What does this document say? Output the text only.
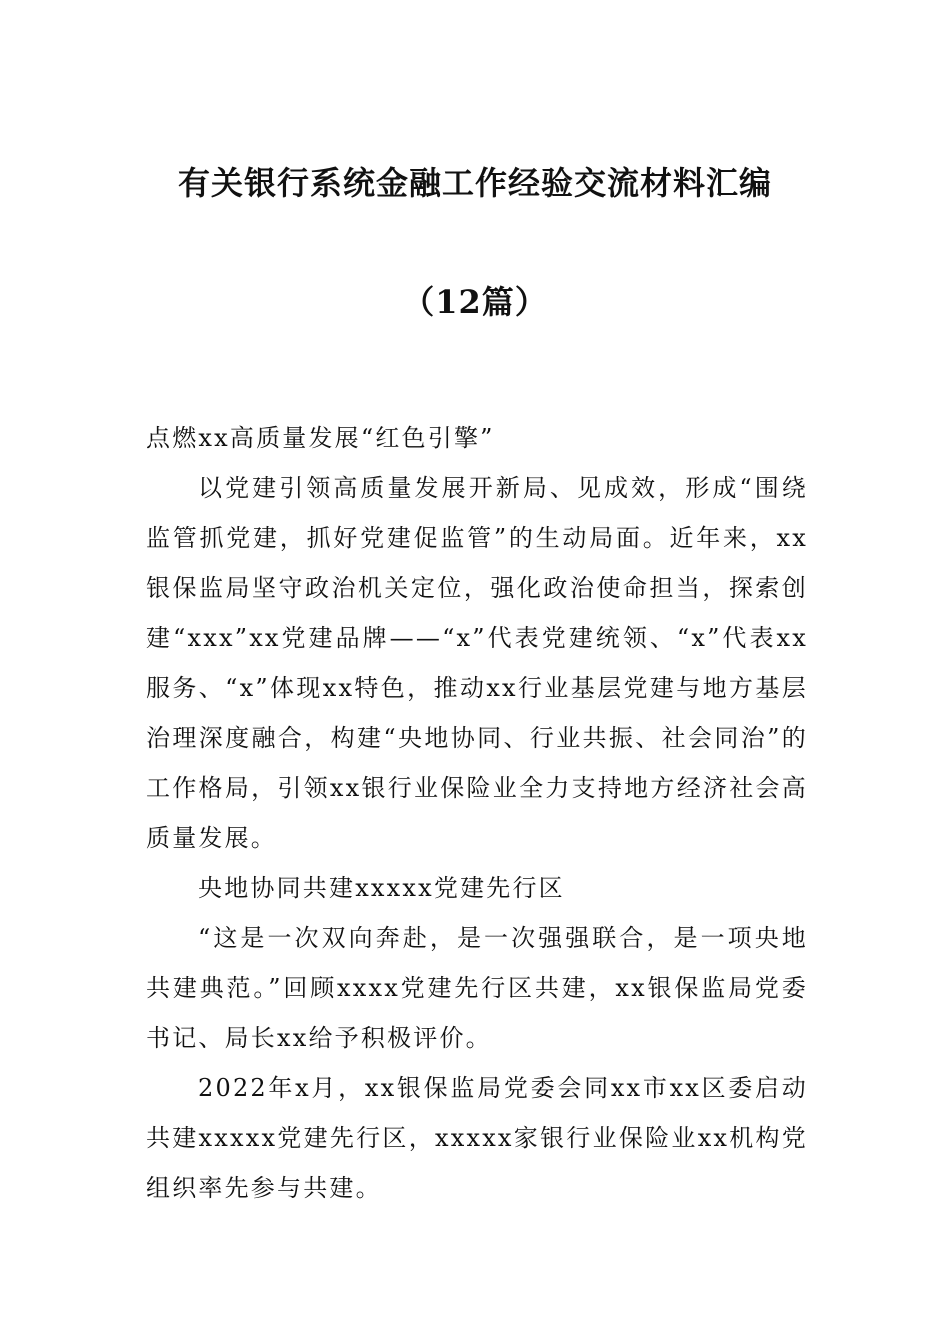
有关银行系统金融工作经验交流材料汇编
（12篇）

点燃xx高质量发展“红色引擎”

以党建引领高质量发展开新局、见成效，形成“围绕监管抓党建，抓好党建促监管”的生动局面。近年来，xx银保监局坚守政治机关定位，强化政治使命担当，探索创建“xxx”xx党建品牌——“x”代表党建统领、“x”代表xx服务、“x”体现xx特色，推动xx行业基层党建与地方基层治理深度融合，构建“央地协同、行业共振、社会同治”的工作格局，引领xx银行业保险业全力支持地方经济社会高质量发展。

央地协同共建xxxxx党建先行区

“这是一次双向奔赴，是一次强强联合，是一项央地共建典范。”回顾xxxx党建先行区共建，xx银保监局党委书记、局长xx给予积极评价。

2022年x月，xx银保监局党委会同xx市xx区委启动共建xxxxx党建先行区，xxxxx家银行业保险业xx机构党组织率先参与共建。
